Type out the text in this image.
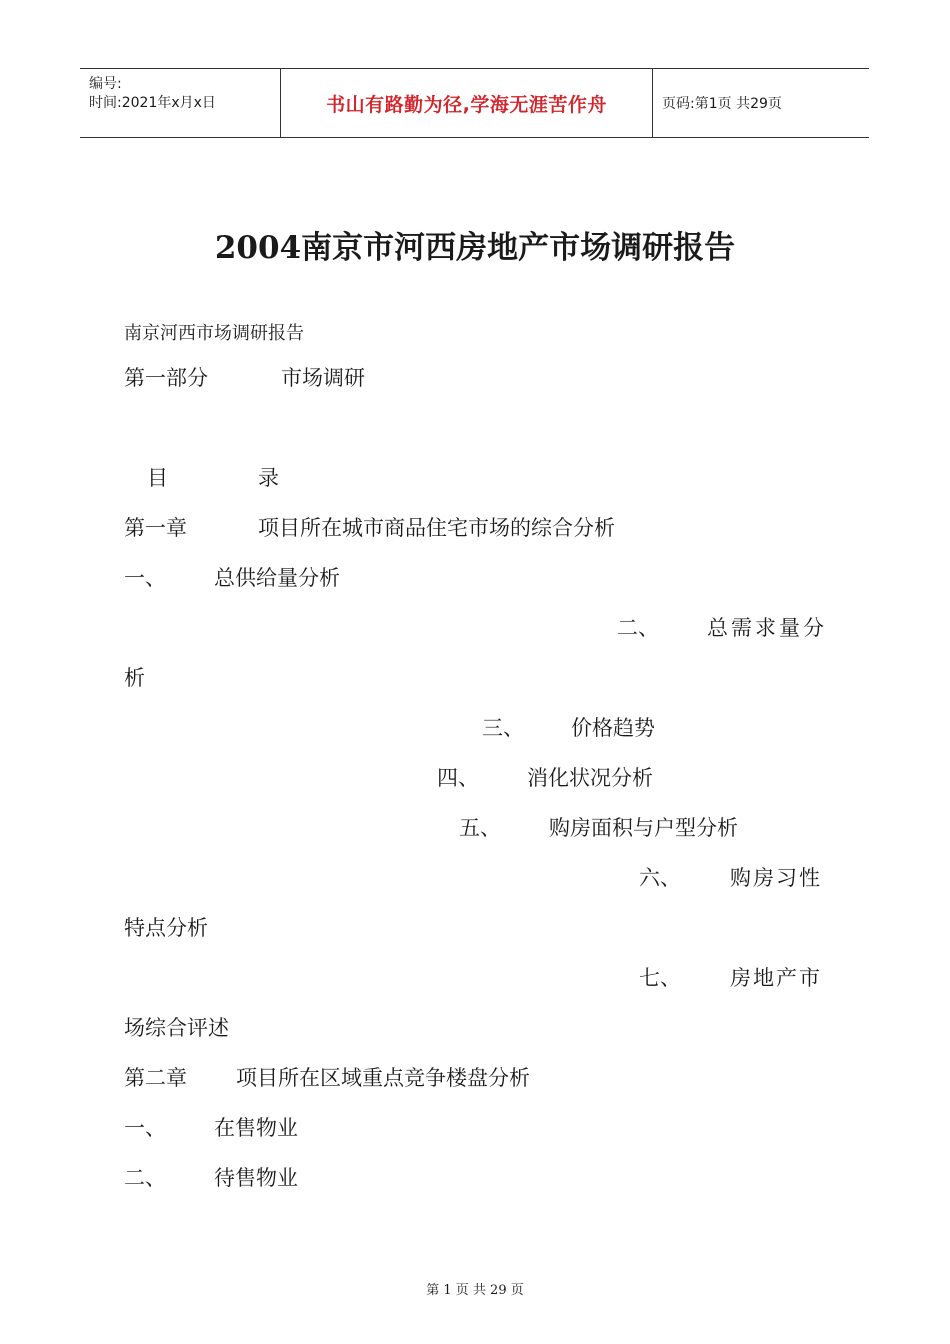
编号:
时间:2021年x月x日	书山有路勤为径,学海无涯苦作舟	页码:第1页 共29页
2004南京市河西房地产市场调研报告
南京河西市场调研报告
第一部分	市场调研
目	录
第一章	项目所在城市商品住宅市场的综合分析
一、 总供给量分析
二、 总需求量分
析
三、 价格趋势
四、 消化状况分析
五、 购房面积与户型分析
六、 购房习性
特点分析
七、 房地产市
场综合评述
第二章 项目所在区域重点竞争楼盘分析
一、 在售物业
二、 待售物业
第 1 页 共 29 页
